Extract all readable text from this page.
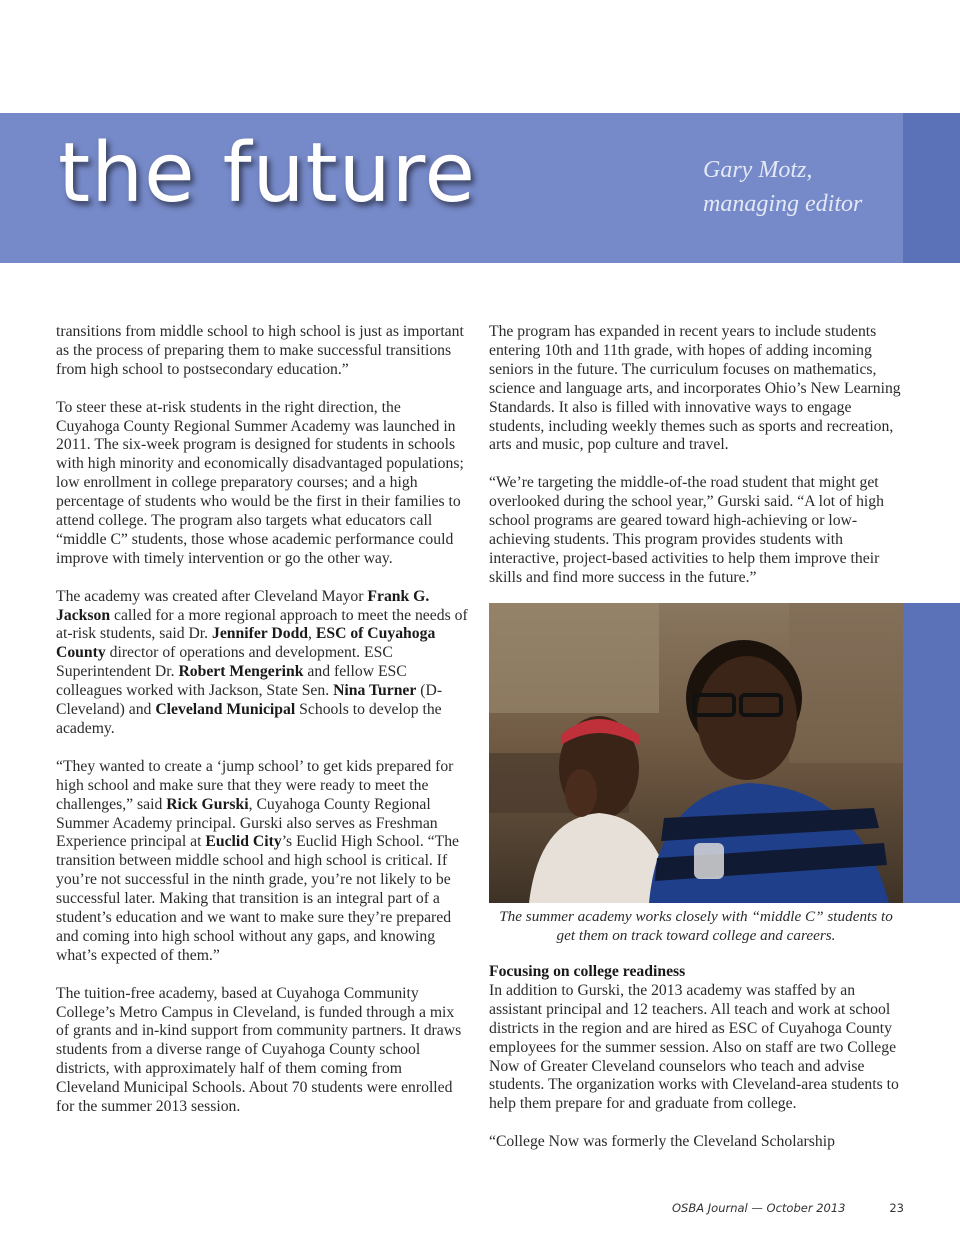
the future	Gary Motz,
managing editor

transitions from middle school to high school is just as important as the process of preparing them to make successful transitions from high school to postsecondary education.”

To steer these at-risk students in the right direction, the Cuyahoga County Regional Summer Academy was launched in 2011. The six-week program is designed for students in schools with high minority and economically disadvantaged populations; low enrollment in college preparatory courses; and a high percentage of students who would be the first in their families to attend college. The program also targets what educators call “middle C” students, those whose academic performance could improve with timely intervention or go the other way.

The academy was created after Cleveland Mayor Frank G. Jackson called for a more regional approach to meet the needs of at-risk students, said Dr. Jennifer Dodd, ESC of Cuyahoga County director of operations and development. ESC Superintendent Dr. Robert Mengerink and fellow ESC colleagues worked with Jackson, State Sen. Nina Turner (D-Cleveland) and Cleveland Municipal Schools to develop the academy.

“They wanted to create a ‘jump school’ to get kids prepared for high school and make sure that they were ready to meet the challenges,” said Rick Gurski, Cuyahoga County Regional Summer Academy principal. Gurski also serves as Freshman Experience principal at Euclid City’s Euclid High School. “The transition between middle school and high school is critical. If you’re not successful in the ninth grade, you’re not likely to be successful later. Making that transition is an integral part of a student’s education and we want to make sure they’re prepared and coming into high school without any gaps, and knowing what’s expected of them.”

The tuition-free academy, based at Cuyahoga Community College’s Metro Campus in Cleveland, is funded through a mix of grants and in-kind support from community partners. It draws students from a diverse range of Cuyahoga County school districts, with approximately half of them coming from Cleveland Municipal Schools. About 70 students were enrolled for the summer 2013 session.

The program has expanded in recent years to include students entering 10th and 11th grade, with hopes of adding incoming seniors in the future. The curriculum focuses on mathematics, science and language arts, and incorporates Ohio’s New Learning Standards. It also is filled with innovative ways to engage students, including weekly themes such as sports and recreation, arts and music, pop culture and travel.

“We’re targeting the middle-of-the road student that might get overlooked during the school year,” Gurski said. “A lot of high school programs are geared toward high-achieving or low-achieving students. This program provides students with interactive, project-based activities to help them improve their skills and find more success in the future.”

The summer academy works closely with “middle C” students to get them on track toward college and careers.

Focusing on college readiness
In addition to Gurski, the 2013 academy was staffed by an assistant principal and 12 teachers. All teach and work at school districts in the region and are hired as ESC of Cuyahoga County employees for the summer session. Also on staff are two College Now of Greater Cleveland counselors who teach and advise students. The organization works with Cleveland-area students to help them prepare for and graduate from college.

“College Now was formerly the Cleveland Scholarship

OSBA Journal — October 2013	23
